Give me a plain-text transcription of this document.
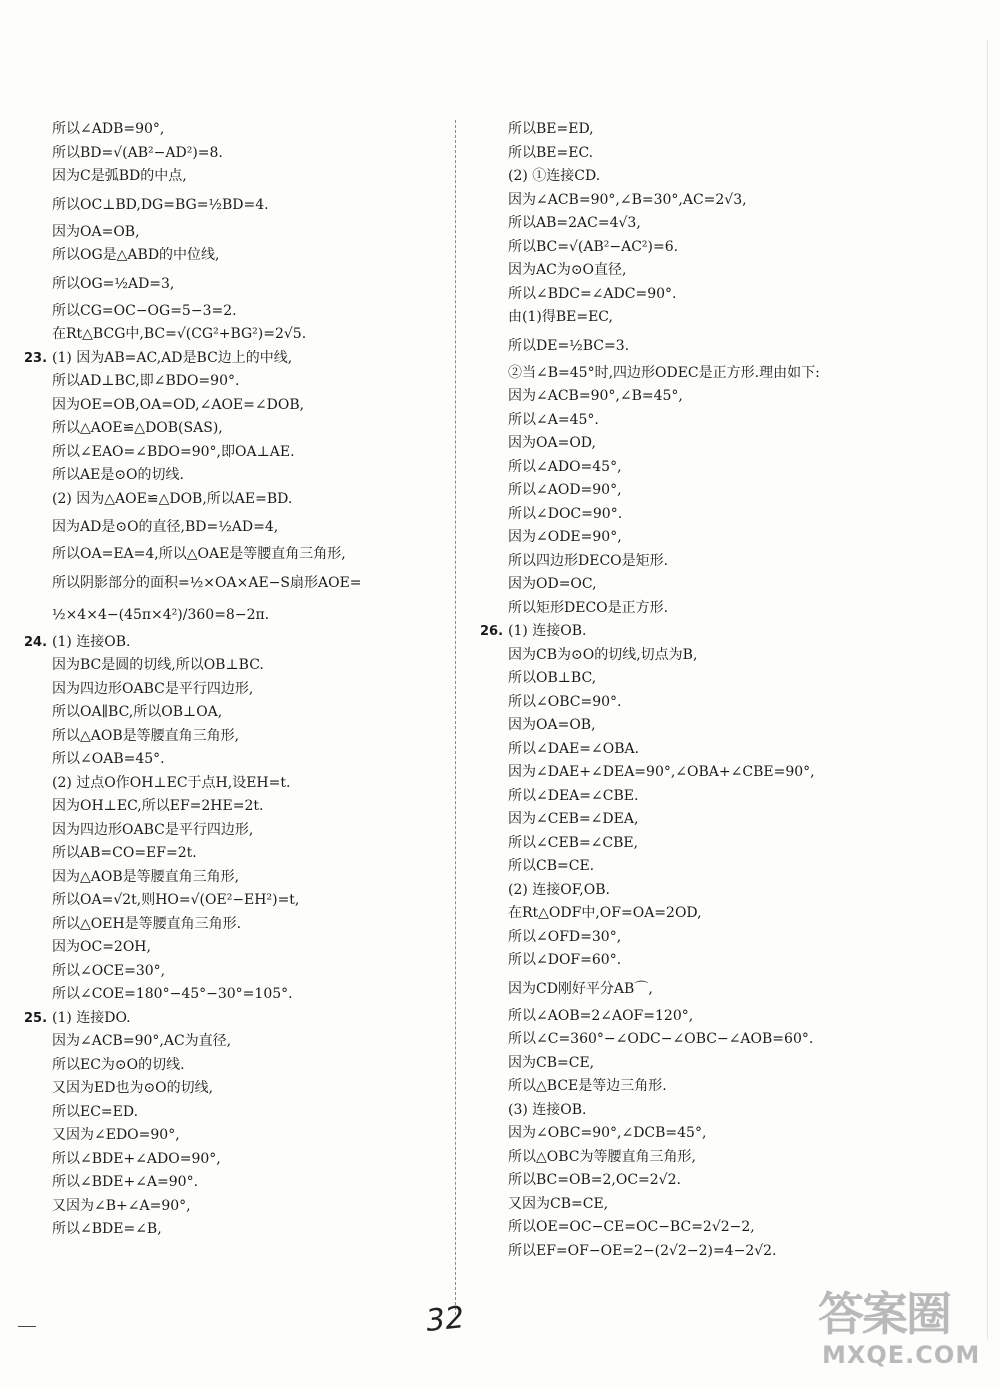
所以∠ADB=90°,
所以BD=√(AB²−AD²)=8.
因为C是弧BD的中点,
所以OC⊥BD,DG=BG=½BD=4.
因为OA=OB,
所以OG是△ABD的中位线,
所以OG=½AD=3,
所以CG=OC−OG=5−3=2.
在Rt△BCG中,BC=√(CG²+BG²)=2√5.
23. (1) 因为AB=AC,AD是BC边上的中线,
所以AD⊥BC,即∠BDO=90°.
因为OE=OB,OA=OD,∠AOE=∠DOB,
所以△AOE≌△DOB(SAS),
所以∠EAO=∠BDO=90°,即OA⊥AE.
所以AE是⊙O的切线.
(2) 因为△AOE≌△DOB,所以AE=BD.
因为AD是⊙O的直径,BD=½AD=4,
所以OA=EA=4,所以△OAE是等腰直角三角形,
所以阴影部分的面积=½×OA×AE−S扇形AOE=
½×4×4−(45π×4²)/360=8−2π.
24. (1) 连接OB.
因为BC是圆的切线,所以OB⊥BC.
因为四边形OABC是平行四边形,
所以OA∥BC,所以OB⊥OA,
所以△AOB是等腰直角三角形,
所以∠OAB=45°.
(2) 过点O作OH⊥EC于点H,设EH=t.
因为OH⊥EC,所以EF=2HE=2t.
因为四边形OABC是平行四边形,
所以AB=CO=EF=2t.
因为△AOB是等腰直角三角形,
所以OA=√2t,则HO=√(OE²−EH²)=t,
所以△OEH是等腰直角三角形.
因为OC=2OH,
所以∠OCE=30°,
所以∠COE=180°−45°−30°=105°.
25. (1) 连接DO.
因为∠ACB=90°,AC为直径,
所以EC为⊙O的切线.
又因为ED也为⊙O的切线,
所以EC=ED.
又因为∠EDO=90°,
所以∠BDE+∠ADO=90°,
所以∠BDE+∠A=90°.
又因为∠B+∠A=90°,
所以∠BDE=∠B,
所以BE=ED,
所以BE=EC.
(2) ①连接CD.
因为∠ACB=90°,∠B=30°,AC=2√3,
所以AB=2AC=4√3,
所以BC=√(AB²−AC²)=6.
因为AC为⊙O直径,
所以∠BDC=∠ADC=90°.
由(1)得BE=EC,
所以DE=½BC=3.
②当∠B=45°时,四边形ODEC是正方形.理由如下:
因为∠ACB=90°,∠B=45°,
所以∠A=45°.
因为OA=OD,
所以∠ADO=45°,
所以∠AOD=90°,
所以∠DOC=90°.
因为∠ODE=90°,
所以四边形DECO是矩形.
因为OD=OC,
所以矩形DECO是正方形.
26. (1) 连接OB.
因为CB为⊙O的切线,切点为B,
所以OB⊥BC,
所以∠OBC=90°.
因为OA=OB,
所以∠DAE=∠OBA.
因为∠DAE+∠DEA=90°,∠OBA+∠CBE=90°,
所以∠DEA=∠CBE.
因为∠CEB=∠DEA,
所以∠CEB=∠CBE,
所以CB=CE.
(2) 连接OF,OB.
在Rt△ODF中,OF=OA=2OD,
所以∠OFD=30°,
所以∠DOF=60°.
因为CD刚好平分AB⌒,
所以∠AOB=2∠AOF=120°,
所以∠C=360°−∠ODC−∠OBC−∠AOB=60°.
因为CB=CE,
所以△BCE是等边三角形.
(3) 连接OB.
因为∠OBC=90°,∠DCB=45°,
所以△OBC为等腰直角三角形,
所以BC=OB=2,OC=2√2.
又因为CB=CE,
所以OE=OC−CE=OC−BC=2√2−2,
所以EF=OF−OE=2−(2√2−2)=4−2√2.
32	答案圈
MXQE.COM
